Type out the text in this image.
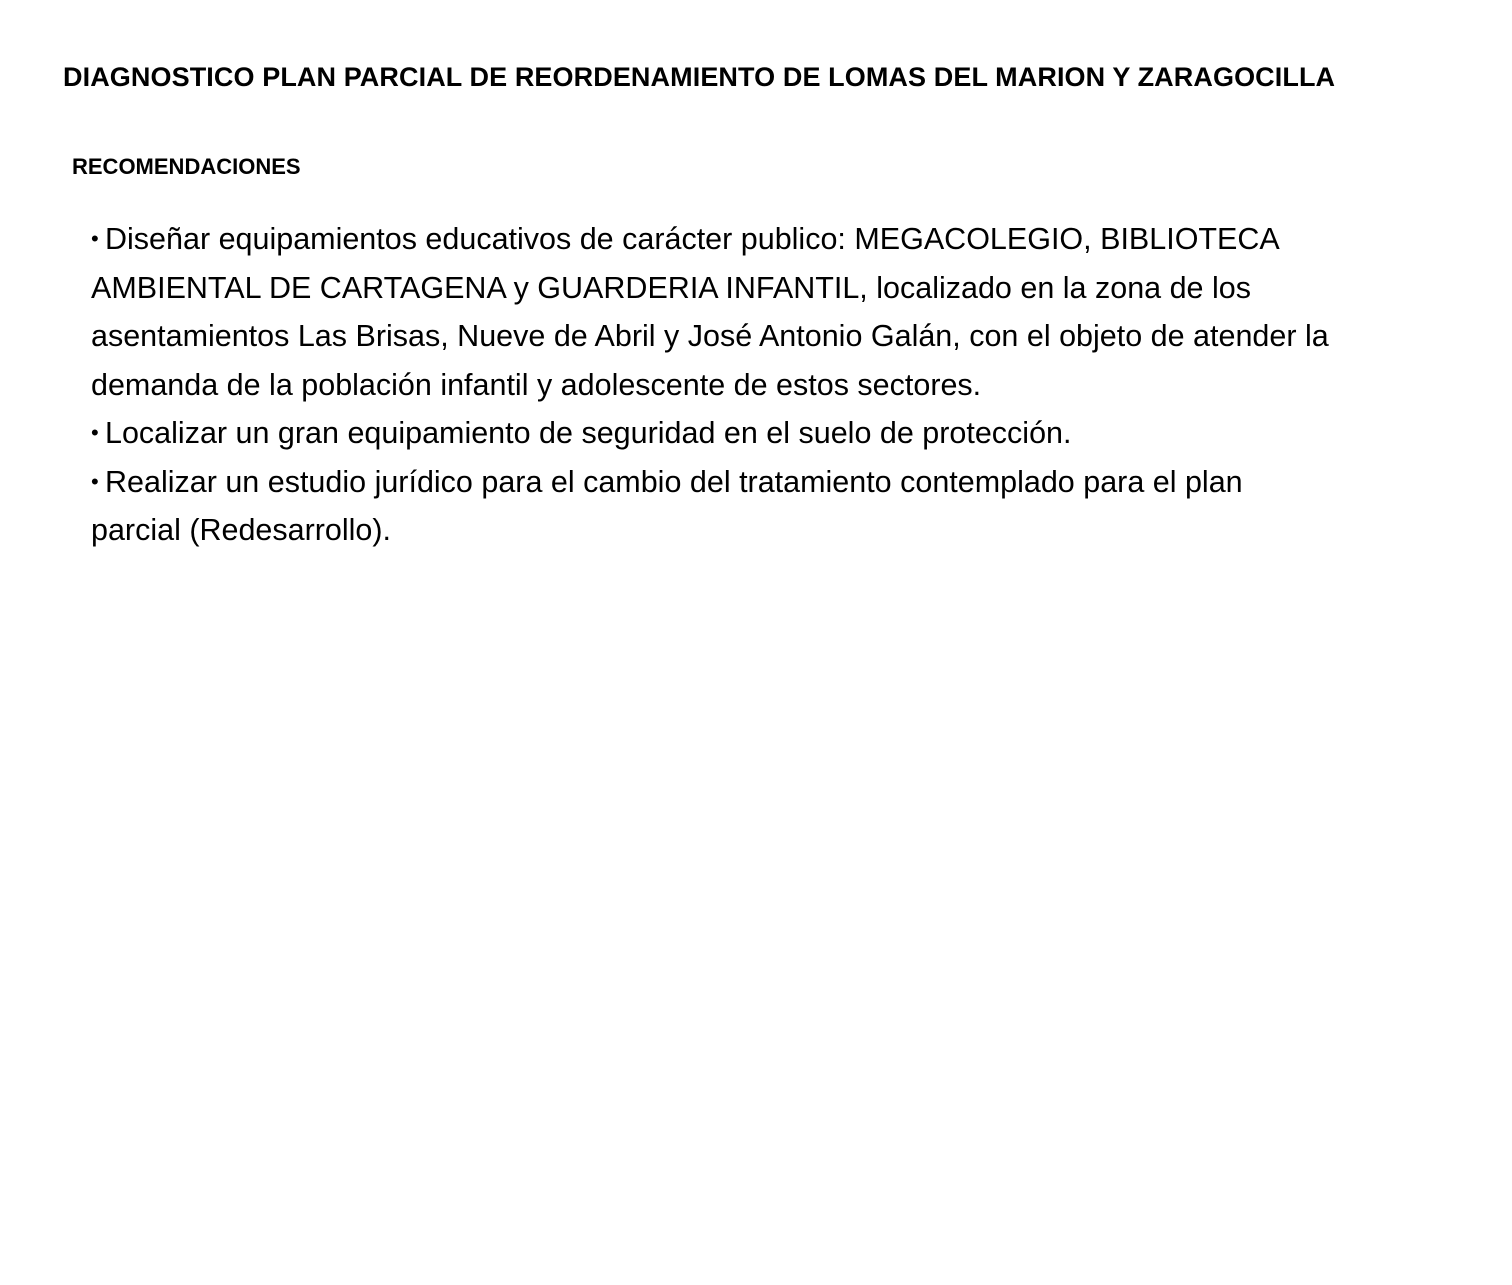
DIAGNOSTICO PLAN PARCIAL DE REORDENAMIENTO DE LOMAS DEL MARION Y ZARAGOCILLA
RECOMENDACIONES
• Diseñar equipamientos educativos de carácter publico: MEGACOLEGIO, BIBLIOTECA AMBIENTAL DE CARTAGENA y GUARDERIA INFANTIL, localizado en la zona de los asentamientos Las Brisas, Nueve de Abril y José Antonio Galán, con el objeto de atender la demanda de la población infantil y adolescente de estos sectores.
• Localizar un gran equipamiento de seguridad en el suelo de protección.
• Realizar un estudio jurídico para el cambio del tratamiento contemplado para el plan parcial (Redesarrollo).
